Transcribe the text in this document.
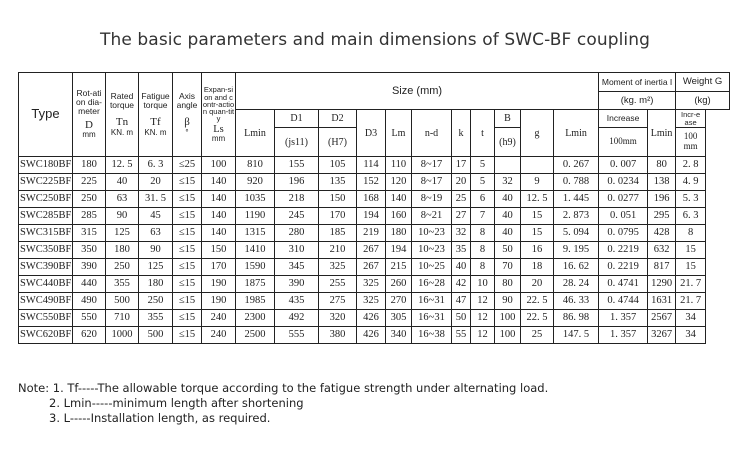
The basic parameters and main dimensions of SWC-BF coupling
Type	Rot-ation dia-meter
D
mm	Rated torque
Tn
KN. m	Fatigue torque
Tf
KN. m	Axis angle
β
°	Expan-sion and contr-action quan-tity
Ls
mm	Size (mm)											Moment of inertia I		Weight G
																	(kg. m²)		(kg)
						Lmin	D1	D2	D3	Lm	n-d	k	t	B	g	Lmin	Increase	Lmin	Incr-ease

							(js11)	(H7)						(h9)			100mm		100 mm
SWC180BF	180	12. 5	6. 3	≤25	100	810	155	105	114	110	8~17	17	5			0. 267	0. 007	80	2. 8
SWC225BF	225	40	20	≤15	140	920	196	135	152	120	8~17	20	5	32	9	0. 788	0. 0234	138	4. 9
SWC250BF	250	63	31. 5	≤15	140	1035	218	150	168	140	8~19	25	6	40	12. 5	1. 445	0. 0277	196	5. 3
SWC285BF	285	90	45	≤15	140	1190	245	170	194	160	8~21	27	7	40	15	2. 873	0. 051	295	6. 3
SWC315BF	315	125	63	≤15	140	1315	280	185	219	180	10~23	32	8	40	15	5. 094	0. 0795	428	8
SWC350BF	350	180	90	≤15	150	1410	310	210	267	194	10~23	35	8	50	16	9. 195	0. 2219	632	15
SWC390BF	390	250	125	≤15	170	1590	345	325	267	215	10~25	40	8	70	18	16. 62	0. 2219	817	15
SWC440BF	440	355	180	≤15	190	1875	390	255	325	260	16~28	42	10	80	20	28. 24	0. 4741	1290	21. 7
SWC490BF	490	500	250	≤15	190	1985	435	275	325	270	16~31	47	12	90	22. 5	46. 33	0. 4744	1631	21. 7
SWC550BF	550	710	355	≤15	240	2300	492	320	426	305	16~31	50	12	100	22. 5	86. 98	1. 357	2567	34
SWC620BF	620	1000	500	≤15	240	2500	555	380	426	340	16~38	55	12	100	25	147. 5	1. 357	3267	34
Note: 1. Tf-----The allowable torque according to the fatigue strength under alternating load.
2. Lmin-----minimum length after shortening
3. L-----Installation length, as required.
